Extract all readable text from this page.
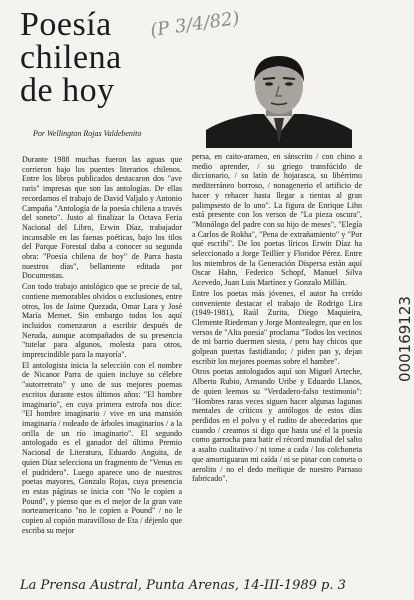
Poesía
chilena
de hoy
(P 3/4/82)
Por Wellington Rojas Valdebenito

Durante 1988 muchas fueron las aguas que corrieron bajo los puentes literarios chilenos. Entre los libros publicados destacaron dos "ave raris" impresas que son las antologías. De ellas recordamos el trabajo de David Valjalo y Antonio Campaña "Antología de la poesía chilena a través del soneto". Justo al finalizar la Octava Feria Nacional del Libro, Erwin Díaz, trabajador incansable en las faenas poéticas, bajo los tilos del Parque Forestal daba a conocer su segunda obra: "Poesía chilena de hoy" de Parra hasta nuestros días", bellamente editada por Documentas.

Con todo trabajo antológico que se precie de tal, contiene memorables olvidos o exclusiones, entre otros, los de Jaime Quezada, Omar Lara y José María Memet. Sin embargo todos los aquí incluidos comenzaron a escribir después de Neruda, aunque acompañados de su presencia "tutelar para algunos, molesta para otros, imprescindible para la mayoría".

El antologista inicia la selección con el nombre de Nicanor Parra de quien incluye su célebre "autorretrato" y uno de sus mejores poemas escritos durante estos últimos años: "El hombre imaginario", en cuya primera estrofa nos dice: "El hombre imaginario / vive en una mansión imaginaria / rodeado de árboles imaginarios / a la orilla de un río imaginario". El segundo antologado es el ganador del último Premio Nacional de Literatura, Eduardo Anguita, de quien Díaz selecciona un fragmento de "Venus en el pudridero". Luego aparece uno de nuestros poetas mayores, Gonzalo Rojas, cuya presencia en estas páginas se inicia con "No le copien a Pound", y pienso que es el mejor de la gran vate norteamericano "no le copien a Pound" / no le copien al copión maravilloso de Eta / déjenlo que escriba su mejor

persa, en caito-arameo, en sánscrito / con chino a medio aprender, / su griego transfúcido de diccionario, / su latín de hojarasca, su libérrimo mediterráneo borroso, / nonagenerio el artificio de hacer y rehacer hasta llegar a tientas al gran palimpsesto de lo uno". La figura de Enrique Lihn está presente con los versos de "La pieza oscura", "Monólogo del padre con su hijo de meses", "Elegía a Carlos de Rokha", "Pena de extrañamiento" y "Por qué escribí". De los poetas líricos Erwin Díaz ha seleccionado a Jorge Teillier y Floridor Pérez. Entre los miembros de la Generación Dispersa están aquí Oscar Hahn, Federico Schopf, Manuel Silva Acevedo, Juan Luis Martínez y Gonzalo Millán.

Entre los poetas más jóvenes, el autor ha creído conveniente destacar el trabajo de Rodrigo Lira (1949-1981), Raúl Zurita, Diego Maquieira, Clemente Riedeman y Jorge Montealegre, que en los versos de "Alta poesía" proclama "Todos los vecinos de mi barrio duermen siesta, / pero hay chicos que golpean puertas fastidiando; / piden pan y, dejan escribir los mejores poemas sobre el hambre".

Otros poetas antologados aquí son Miguel Arteche, Alberto Rubio, Armando Uribe y Eduardo Llanos, de quien leemos su "Verdadero-falso testimonio": "Hombres raras veces siguen hacer algunas lagunas mentales de críticos y antólogos de estos días perdidos en el polvo y el rudito de abecedarios que cuando / creamos si digo que hasta usé el la poesía como garrocha para batir el récord mundial del salto a asalto cualitativo / ni tome a cada / los colchoneta que amortiguaran mi caída / ni se pinar con cometa o aerolito / no el dedo meñique de nuestro Parnaso fabricado".

000169123
La Prensa Austral, Punta Arenas, 14-III-1989 p. 3
